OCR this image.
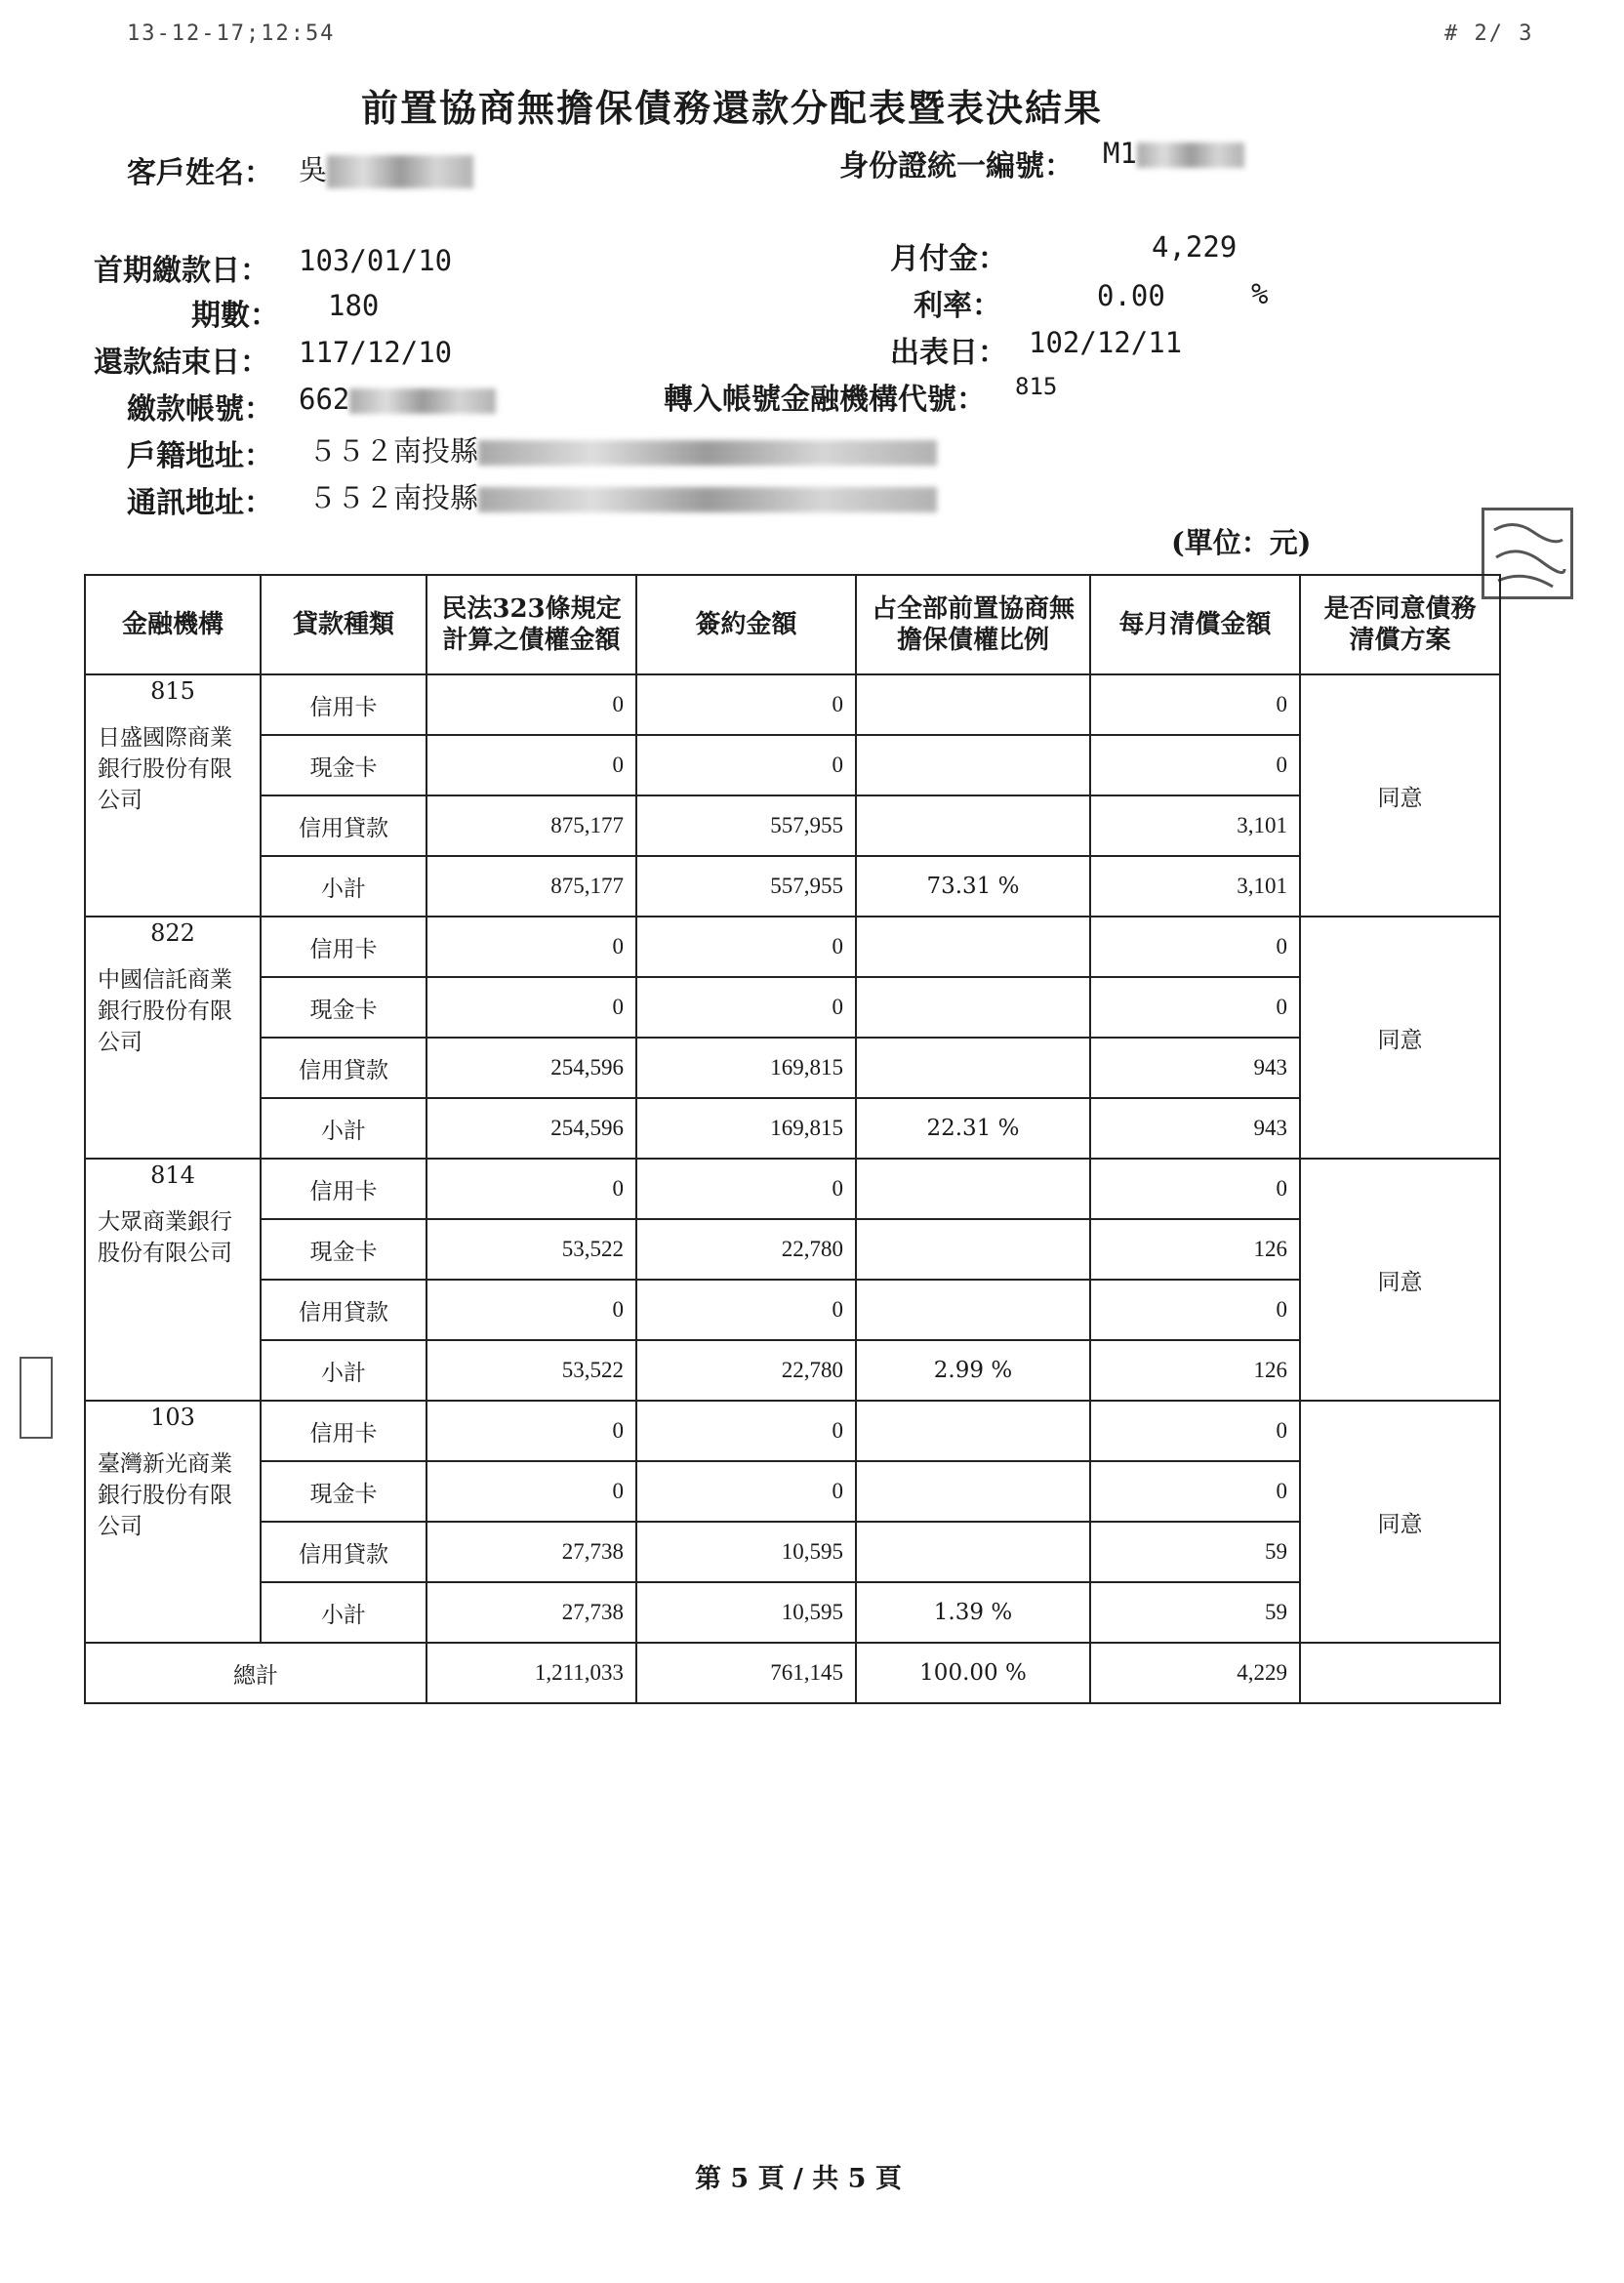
13-12-17;12:54	# 2/ 3
前置協商無擔保債務還款分配表暨表決結果
客戶姓名： 吳	身份證統一編號： M1
首期繳款日： 103/01/10
期數： 180
還款結束日： 117/12/10
繳款帳號： 662
戶籍地址： ５５２南投縣
通訊地址： ５５２南投縣
月付金：	4,229
利率：	0.00	%
出表日： 102/12/11
轉入帳號金融機構代號： 815
(單位：元)
金融機構	貸款種類	民法323條規定計算之債權金額	簽約金額	占全部前置協商無擔保債權比例	每月清償金額	是否同意債務清償方案

815
日盛國際商業銀行股份有限公司	信用卡	0	0		0	同意
	現金卡	0	0		0	
	信用貸款	875,177	557,955		3,101	
	小計	875,177	557,955	73.31 %	3,101	

822
中國信託商業銀行股份有限公司	信用卡	0	0		0	同意
	現金卡	0	0		0	
	信用貸款	254,596	169,815		943	
	小計	254,596	169,815	22.31 %	943	

814
大眾商業銀行股份有限公司	信用卡	0	0		0	同意
	現金卡	53,522	22,780		126	
	信用貸款	0	0		0	
	小計	53,522	22,780	2.99 %	126	

103
臺灣新光商業銀行股份有限公司	信用卡	0	0		0	同意
	現金卡	0	0		0	
	信用貸款	27,738	10,595		59	
	小計	27,738	10,595	1.39 %	59	
總計		1,211,033	761,145	100.00 %	4,229	
第 5 頁 / 共 5 頁
